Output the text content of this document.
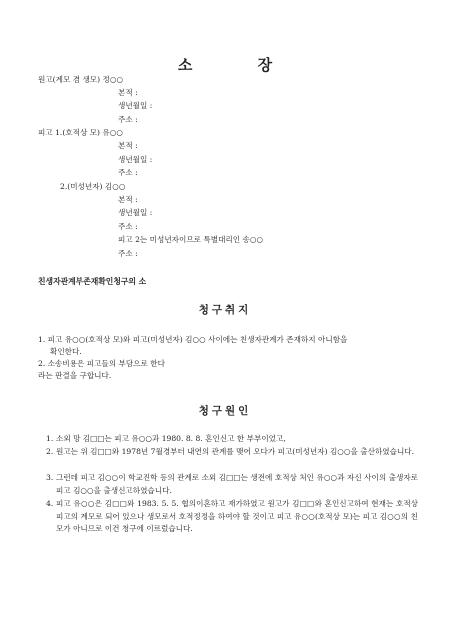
소 장
원고(계모 겸 생모) 정○○
본적 :
생년월일 :
주소 :
피고 1.(호적상 모) 유○○
본적 :
생년월일 :
주소 :
2.(미성년자) 김○○
본적 :
생년월일 :
주소 :
피고 2는 미성년자이므로 특별대리인 송○○
주소 :
친생자관계부존재확인청구의 소
청구취지
1. 피고 유○○(호적상 모)와 피고(미성년자) 김○○ 사이에는 친생자관계가 존재하지 아니함을
확인한다.
2. 소송비용은 피고들의 부담으로 한다
라는 판결을 구합니다.
청구원인
1. 소외 망 김□□는 피고 유○○과 1980. 8. 8. 혼인신고 한 부부이었고,
2. 원고는 위 김□□와 1978년 7월경부터 내연의 관계를 맺어 오다가 피고(미성년자) 김○○을 출산하였습니다.
3. 그런데 피고 김○○이 학교진학 등의 관계로 소외 김□□는 생전에 호적상 처인 유○○과 자신 사이의 출생자로 피고 김○○을 출생신고하였습니다.
4. 피고 유○○은 김□□와 1983. 5. 5. 협의이혼하고 재가하였고 원고가 김□□와 혼인신고하여 현재는 호적상 피고의 계모로 되어 있으나 생모로서 호적정정을 하여야 할 것이고 피고 유○○(호적상 모)는 피고 김○○의 친모가 아니므로 이건 청구에 이르렀습니다.
